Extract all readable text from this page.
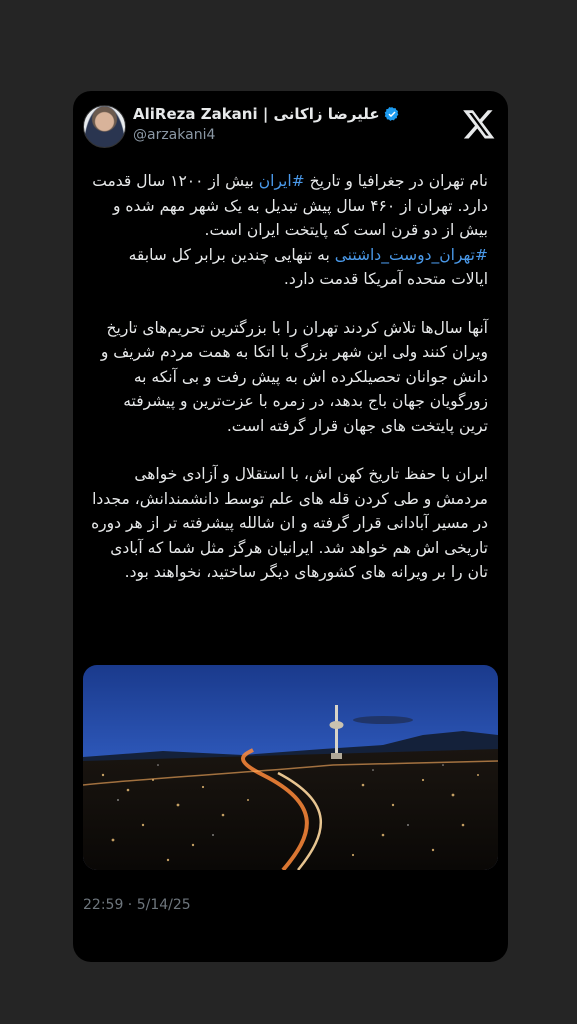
AliReza Zakani | علیرضا زاکانی
@arzakani4

نام تهران در جغرافیا و تاریخ #ایران بیش از ۱۲۰۰ سال قدمت دارد. تهران از ۴۶۰ سال پیش تبدیل به یک شهر مهم شده و بیش از دو قرن است که پایتخت ایران است. #تهران_دوست_داشتنی به تنهایی چندین برابر کل سابقه ایالات متحده آمریکا قدمت دارد.

آنها سال‌ها تلاش کردند تهران را با بزرگترین تحریم‌های تاریخ ویران کنند ولی این شهر بزرگ با اتکا به همت مردم شریف و دانش جوانان تحصیلکرده اش به پیش رفت و بی آنکه به زورگویان جهان باج بدهد، در زمره با عزت‌ترین و پیشرفته ترین پایتخت های جهان قرار گرفته است.

ایران با حفظ تاریخ کهن اش، با استقلال و آزادی خواهی مردمش و طی کردن قله های علم توسط دانشمندانش، مجددا در مسیر آبادانی قرار گرفته و ان شالله پیشرفته تر از هر دوره تاریخی اش هم خواهد شد. ایرانیان هرگز مثل شما که آبادی تان را بر ویرانه های کشورهای دیگر ساختید، نخواهند بود.

22:59 · 5/14/25
